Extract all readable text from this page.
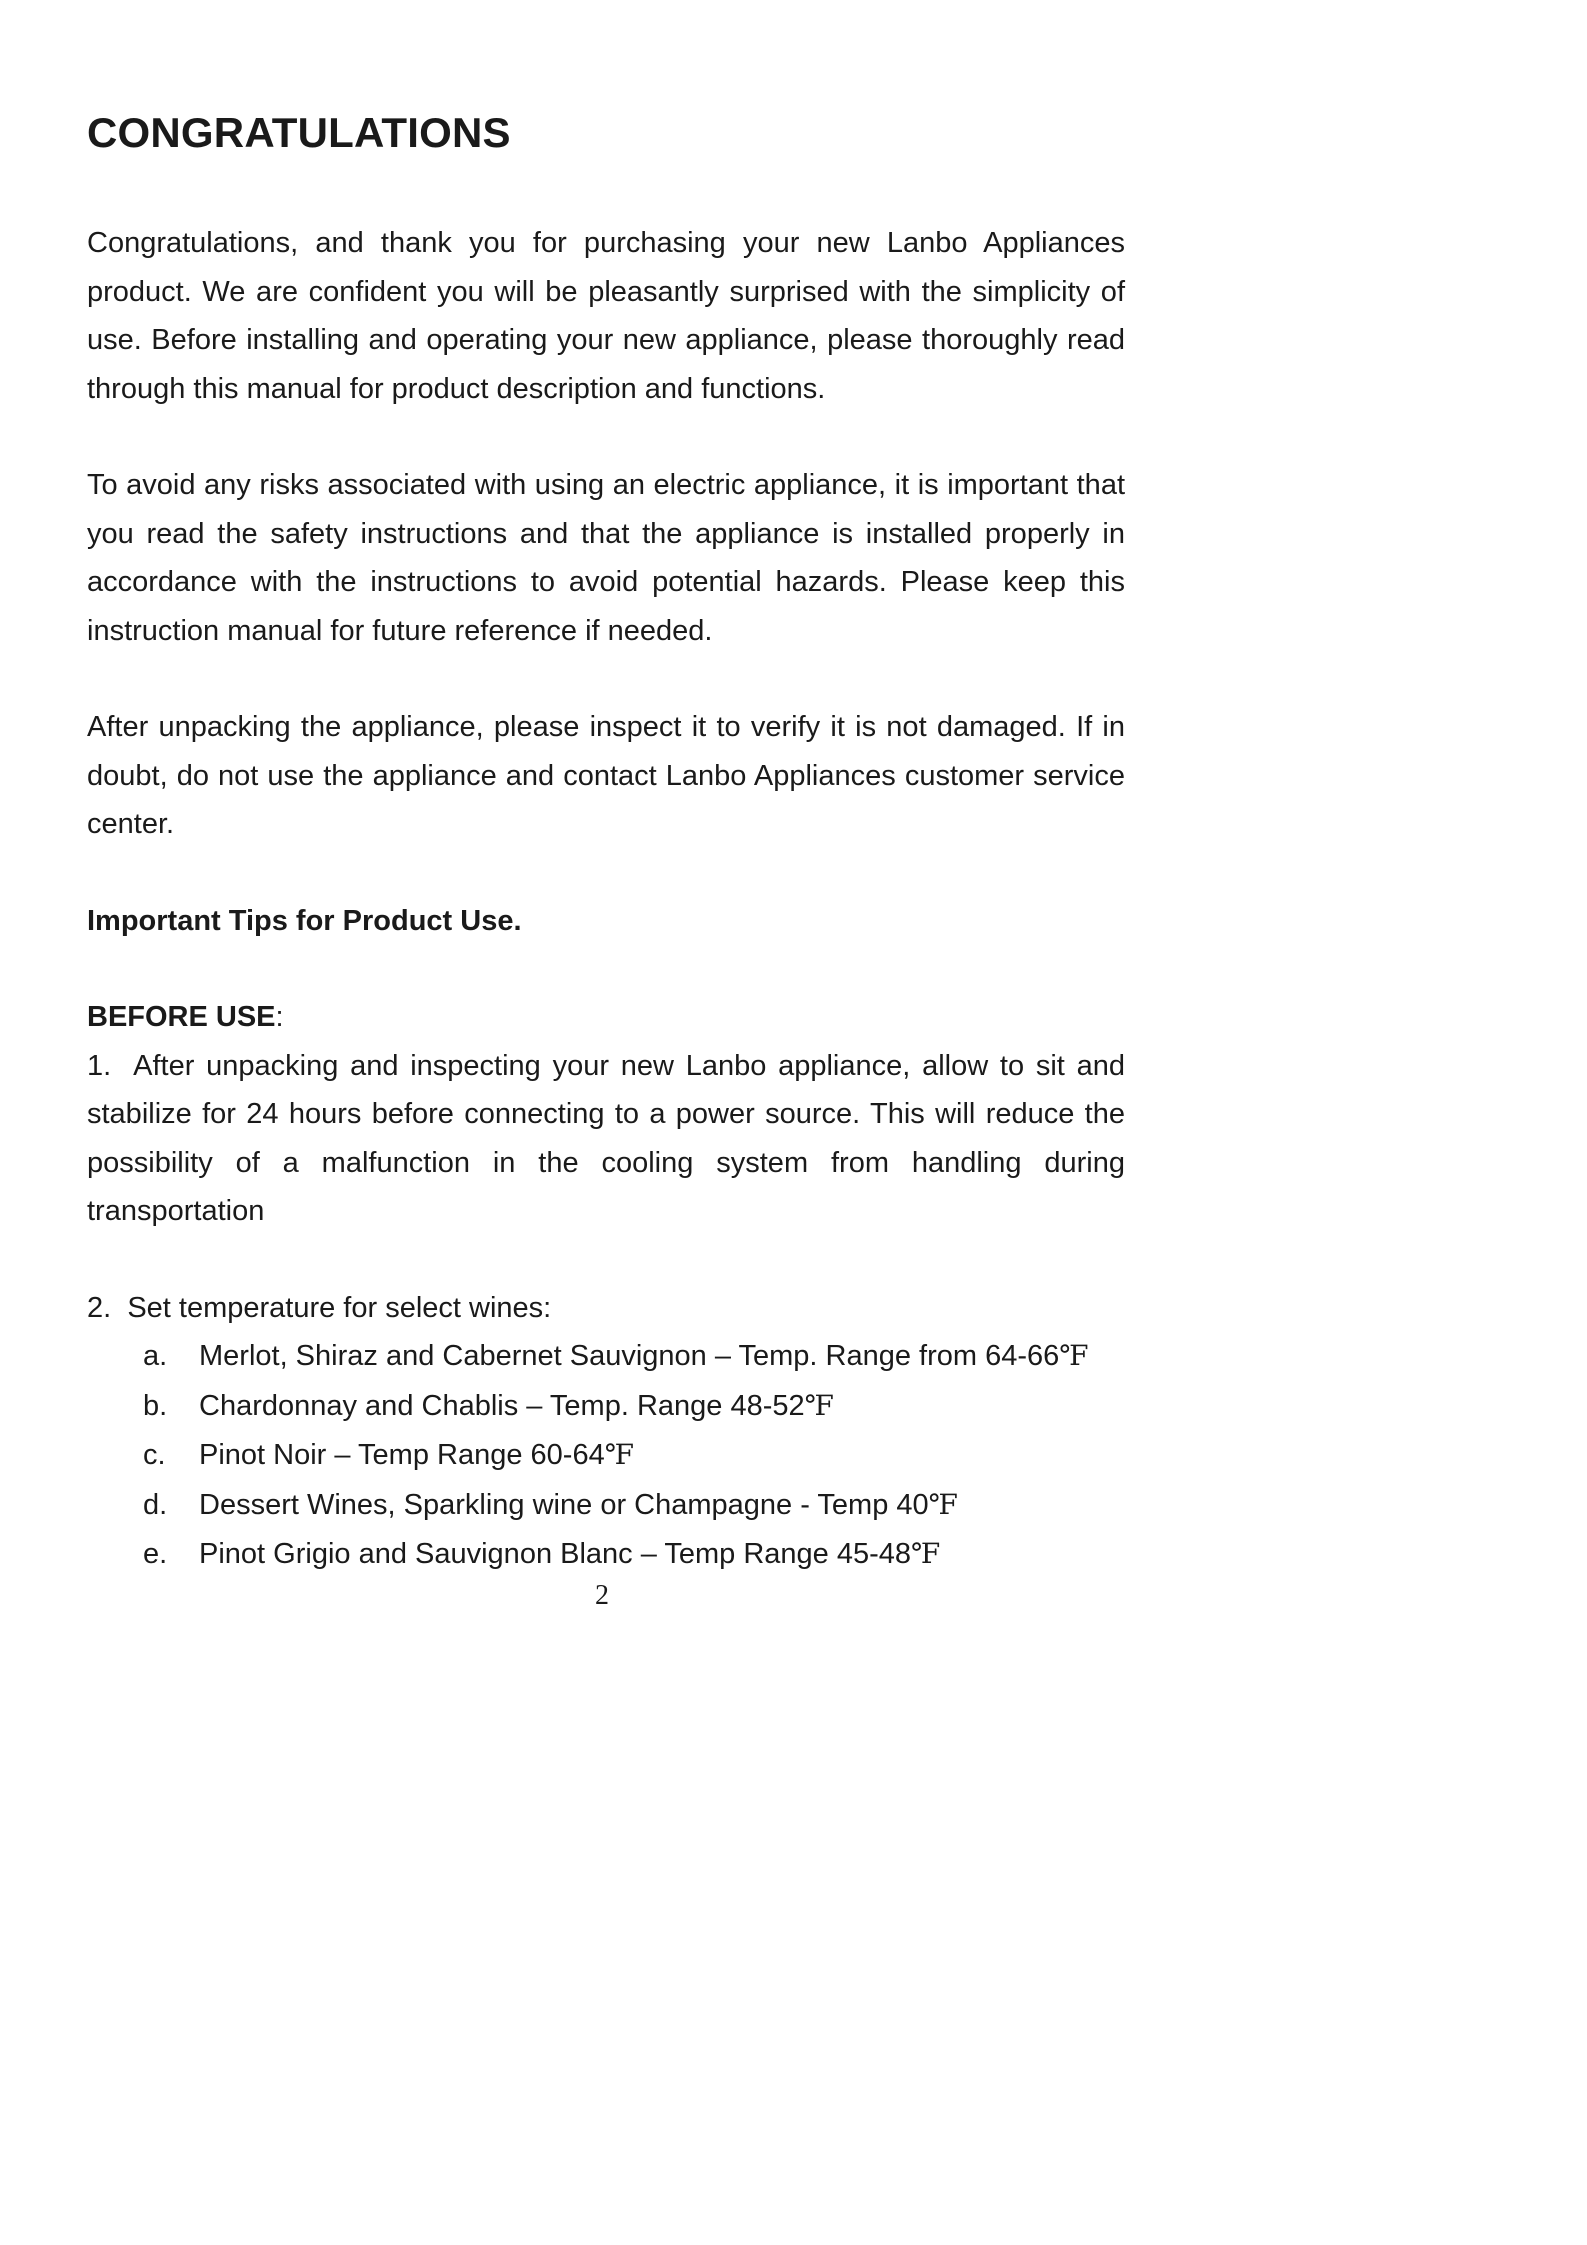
CONGRATULATIONS

Congratulations, and thank you for purchasing your new Lanbo Appliances product. We are confident you will be pleasantly surprised with the simplicity of use. Before installing and operating your new appliance, please thoroughly read through this manual for product description and functions.

To avoid any risks associated with using an electric appliance, it is important that you read the safety instructions and that the appliance is installed properly in accordance with the instructions to avoid potential hazards. Please keep this instruction manual for future reference if needed.

After unpacking the appliance, please inspect it to verify it is not damaged. If in doubt, do not use the appliance and contact Lanbo Appliances customer service center.

Important Tips for Product Use.

BEFORE USE:

1. After unpacking and inspecting your new Lanbo appliance, allow to sit and stabilize for 24 hours before connecting to a power source. This will reduce the possibility of a malfunction in the cooling system from handling during transportation

2. Set temperature for select wines:

a.	Merlot, Shiraz and Cabernet Sauvignon – Temp. Range from 64-66℉
b.	Chardonnay and Chablis – Temp. Range 48-52℉
c.	Pinot Noir – Temp Range 60-64℉
d.	Dessert Wines, Sparkling wine or Champagne - Temp 40℉
e.	Pinot Grigio and Sauvignon Blanc – Temp Range 45-48℉
2
